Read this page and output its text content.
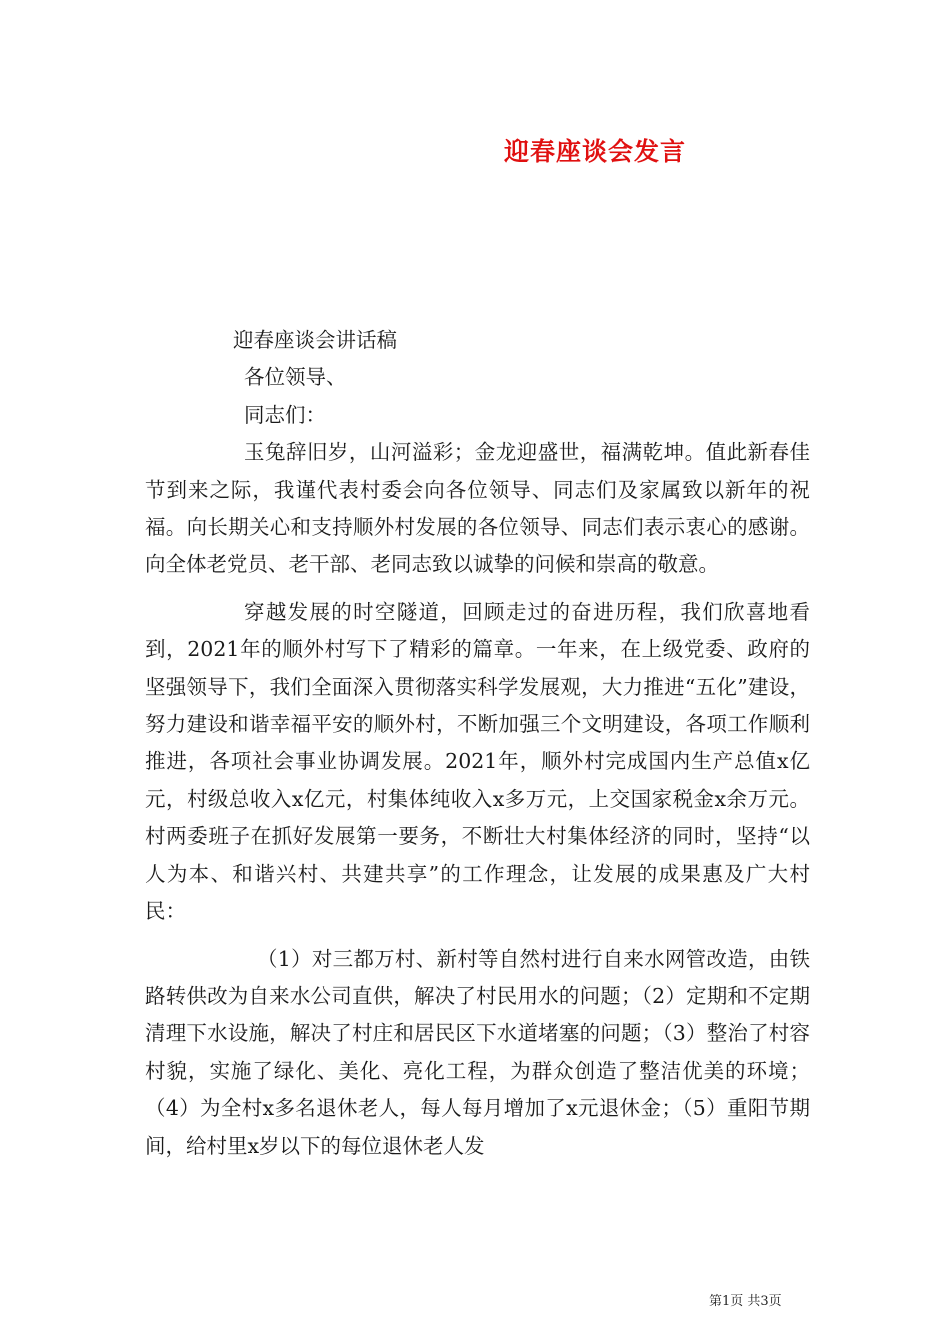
迎春座谈会发言

迎春座谈会讲话稿

各位领导、

同志们：

玉兔辞旧岁，山河溢彩；金龙迎盛世，福满乾坤。值此新春佳节到来之际，我谨代表村委会向各位领导、同志们及家属致以新年的祝福。向长期关心和支持顺外村发展的各位领导、同志们表示衷心的感谢。向全体老党员、老干部、老同志致以诚挚的问候和崇高的敬意。

穿越发展的时空隧道，回顾走过的奋进历程，我们欣喜地看到，2021年的顺外村写下了精彩的篇章。一年来，在上级党委、政府的坚强领导下，我们全面深入贯彻落实科学发展观，大力推进“五化”建设，努力建设和谐幸福平安的顺外村，不断加强三个文明建设，各项工作顺利推进，各项社会事业协调发展。2021年，顺外村完成国内生产总值x亿元，村级总收入x亿元，村集体纯收入x多万元，上交国家税金x余万元。村两委班子在抓好发展第一要务，不断壮大村集体经济的同时，坚持“以人为本、和谐兴村、共建共享”的工作理念，让发展的成果惠及广大村民：

（1）对三都万村、新村等自然村进行自来水网管改造，由铁路转供改为自来水公司直供，解决了村民用水的问题；（2）定期和不定期清理下水设施，解决了村庄和居民区下水道堵塞的问题；（3）整治了村容村貌，实施了绿化、美化、亮化工程，为群众创造了整洁优美的环境；（4）为全村x多名退休老人，每人每月增加了x元退休金；（5）重阳节期间，给村里x岁以下的每位退休老人发

第1页 共3页
